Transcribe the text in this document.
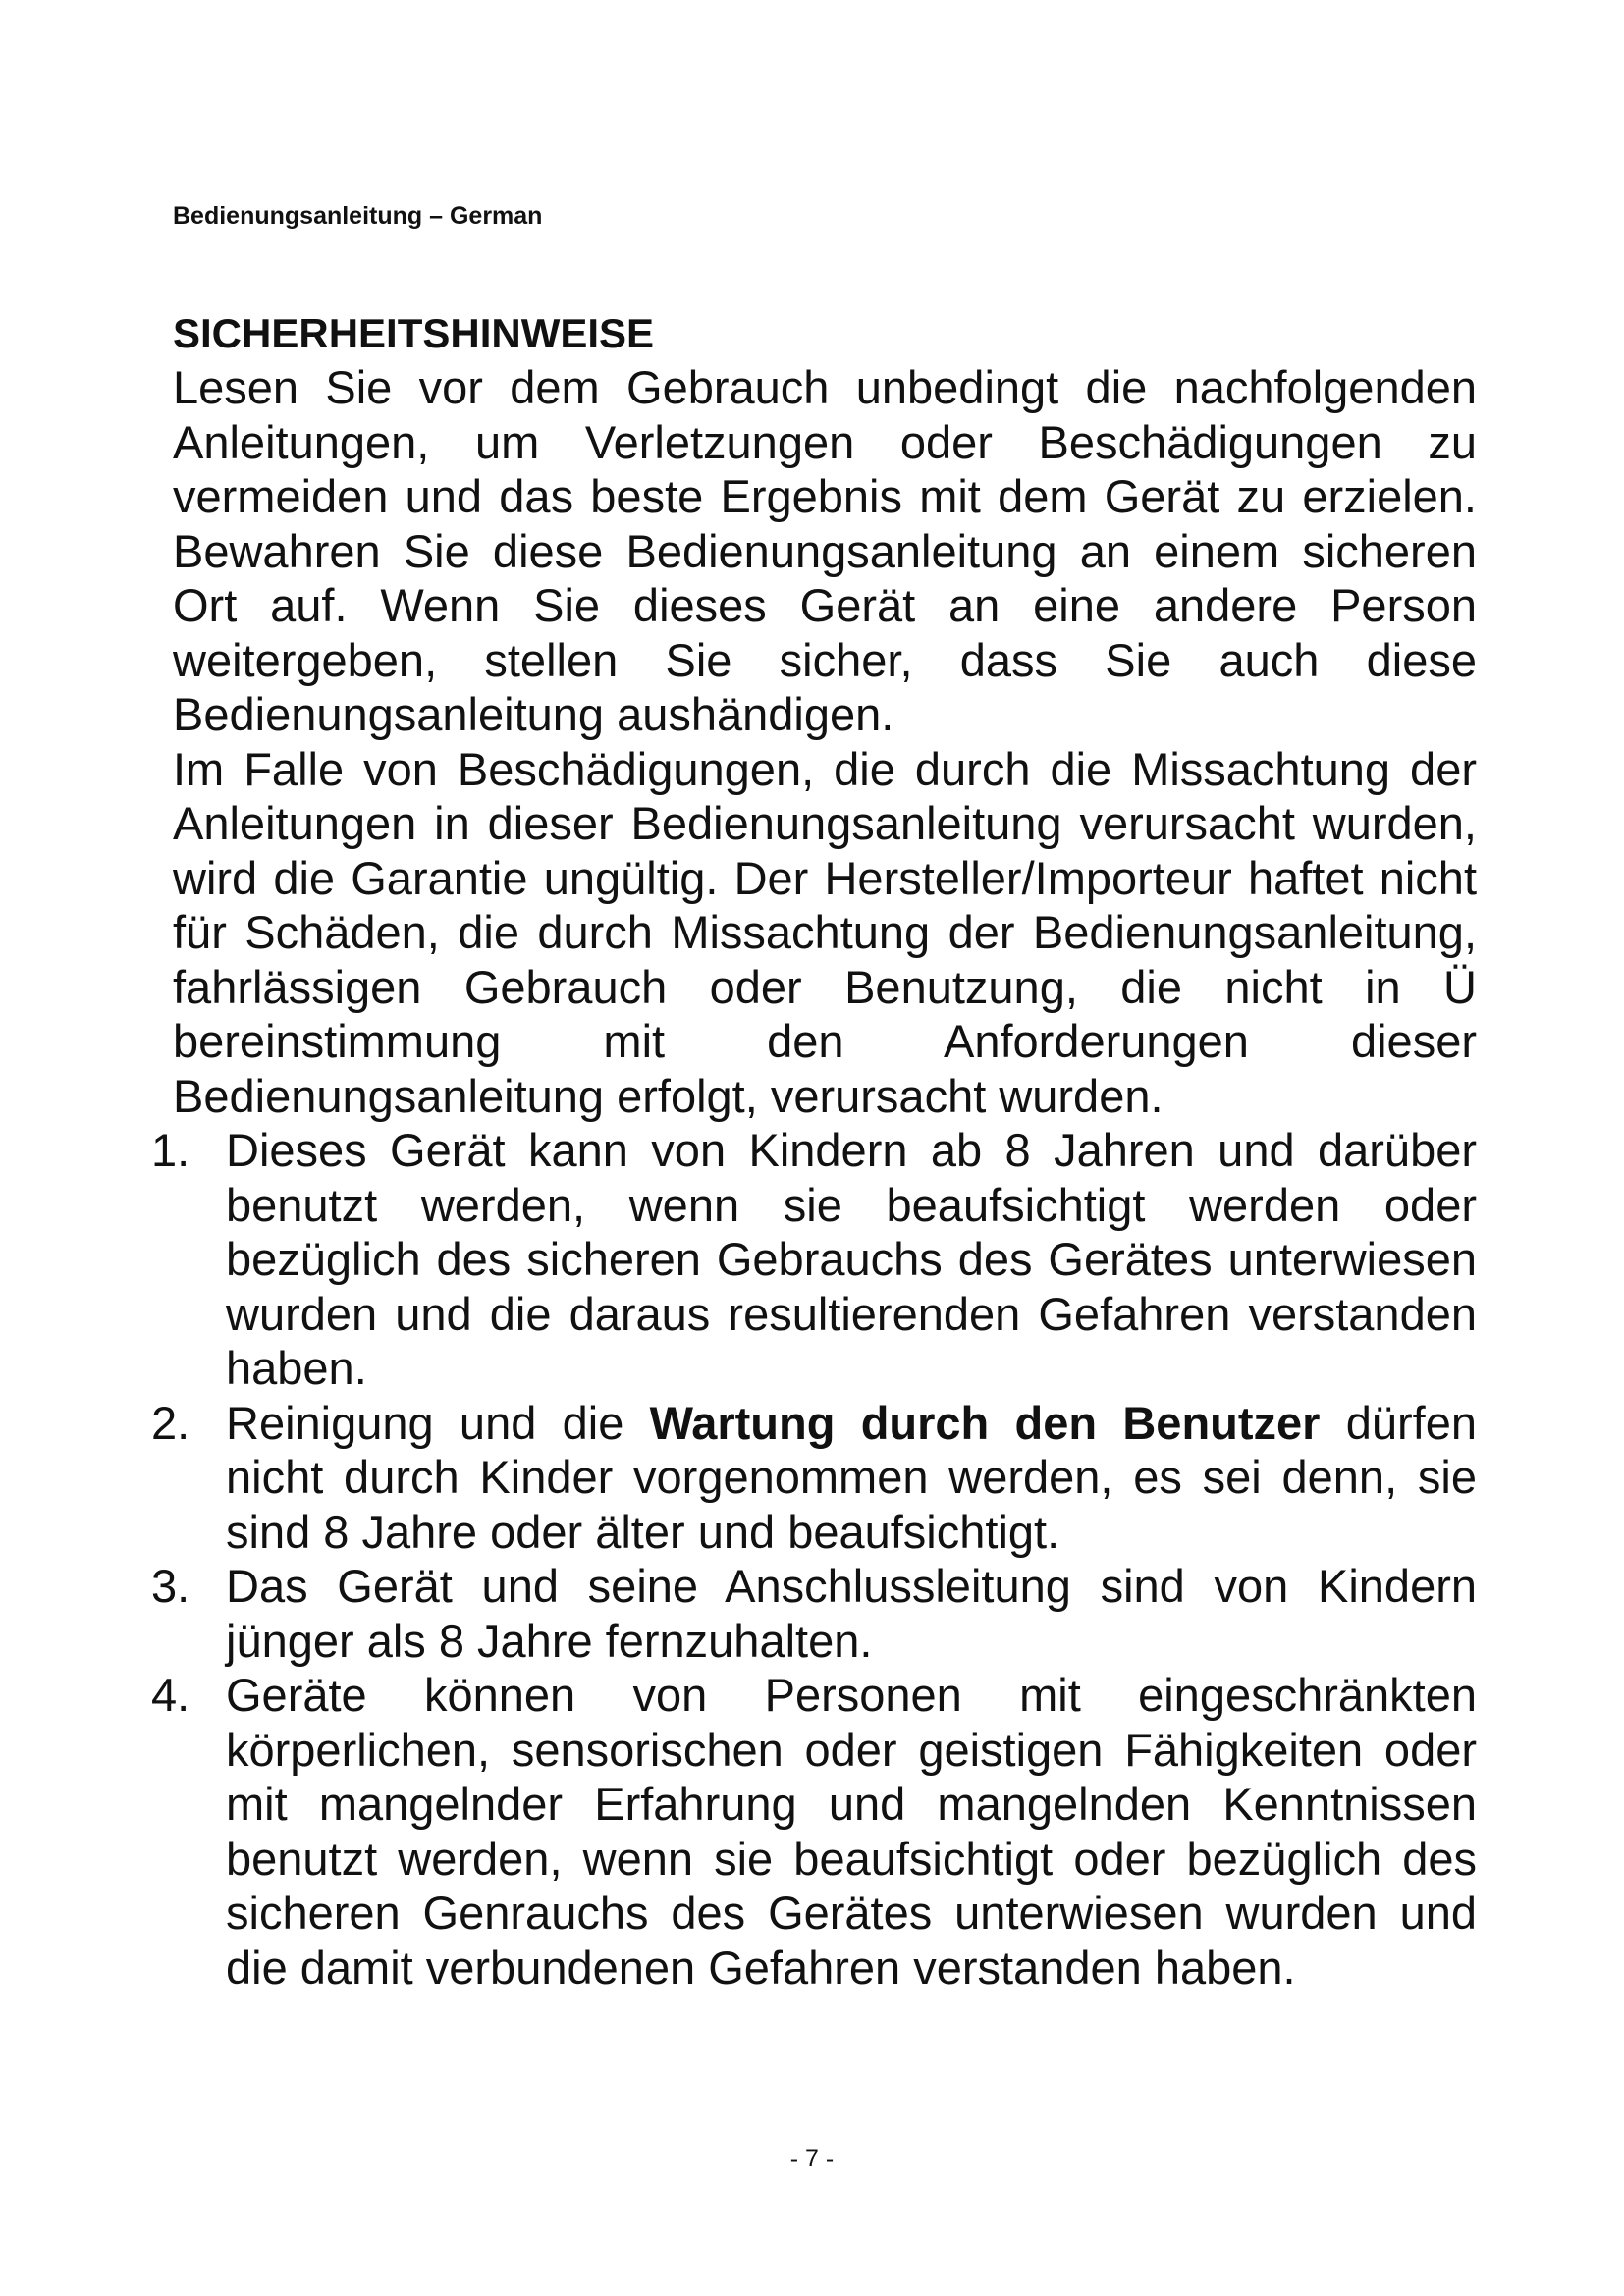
Bedienungsanleitung – German
SICHERHEITSHINWEISE

Lesen Sie vor dem Gebrauch unbedingt die nachfolgenden Anleitungen, um Verletzungen oder Beschädigungen zu vermeiden und das beste Ergebnis mit dem Gerät zu erzielen. Bewahren Sie diese Bedienungsanleitung an einem sicheren Ort auf. Wenn Sie dieses Gerät an eine andere Person weitergeben, stellen Sie sicher, dass Sie auch diese Bedienungsanleitung aushändigen.

Im Falle von Beschädigungen, die durch die Missachtung der Anleitungen in dieser Bedienungsanleitung verursacht wurden, wird die Garantie ungültig. Der Hersteller/Importeur haftet nicht für Schäden, die durch Missachtung der Bedienungsanleitung, fahrlässigen Gebrauch oder Benutzung, die nicht in Ü bereinstimmung mit den Anforderungen dieser Bedienungsanleitung erfolgt, verursacht wurden.

1. Dieses Gerät kann von Kindern ab 8 Jahren und darüber benutzt werden, wenn sie beaufsichtigt werden oder bezüglich des sicheren Gebrauchs des Gerätes unterwiesen wurden und die daraus resultierenden Gefahren verstanden haben.
2. Reinigung und die Wartung durch den Benutzer dürfen nicht durch Kinder vorgenommen werden, es sei denn, sie sind 8 Jahre oder älter und beaufsichtigt.
3. Das Gerät und seine Anschlussleitung sind von Kindern jünger als 8 Jahre fernzuhalten.
4. Geräte können von Personen mit eingeschränkten körperlichen, sensorischen oder geistigen Fähigkeiten oder mit mangelnder Erfahrung und mangelnden Kenntnissen benutzt werden, wenn sie beaufsichtigt oder bezüglich des sicheren Genrauchs des Gerätes unterwiesen wurden und die damit verbundenen Gefahren verstanden haben.
- 7 -
